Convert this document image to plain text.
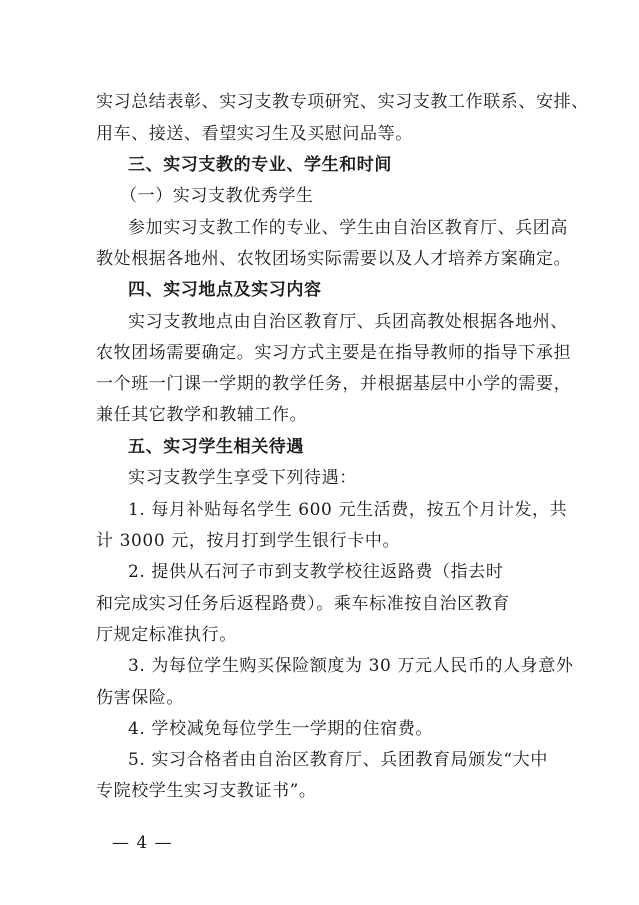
实习总结表彰、实习支教专项研究、实习支教工作联系、安排、
用车、接送、看望实习生及买慰问品等。
三、实习支教的专业、学生和时间
（一）实习支教优秀学生
参加实习支教工作的专业、学生由自治区教育厅、兵团高
教处根据各地州、农牧团场实际需要以及人才培养方案确定。
四、实习地点及实习内容
实习支教地点由自治区教育厅、兵团高教处根据各地州、
农牧团场需要确定。实习方式主要是在指导教师的指导下承担
一个班一门课一学期的教学任务，并根据基层中小学的需要，
兼任其它教学和教辅工作。
五、实习学生相关待遇
实习支教学生享受下列待遇：
1. 每月补贴每名学生 600 元生活费，按五个月计发，共
计 3000 元，按月打到学生银行卡中。
2. 提供从石河子市到支教学校往返路费（指去时
和完成实习任务后返程路费）。乘车标准按自治区教育
厅规定标准执行。
3. 为每位学生购买保险额度为 30 万元人民币的人身意外
伤害保险。
4. 学校减免每位学生一学期的住宿费。
5. 实习合格者由自治区教育厅、兵团教育局颁发“大中
专院校学生实习支教证书”。
— 4 —
